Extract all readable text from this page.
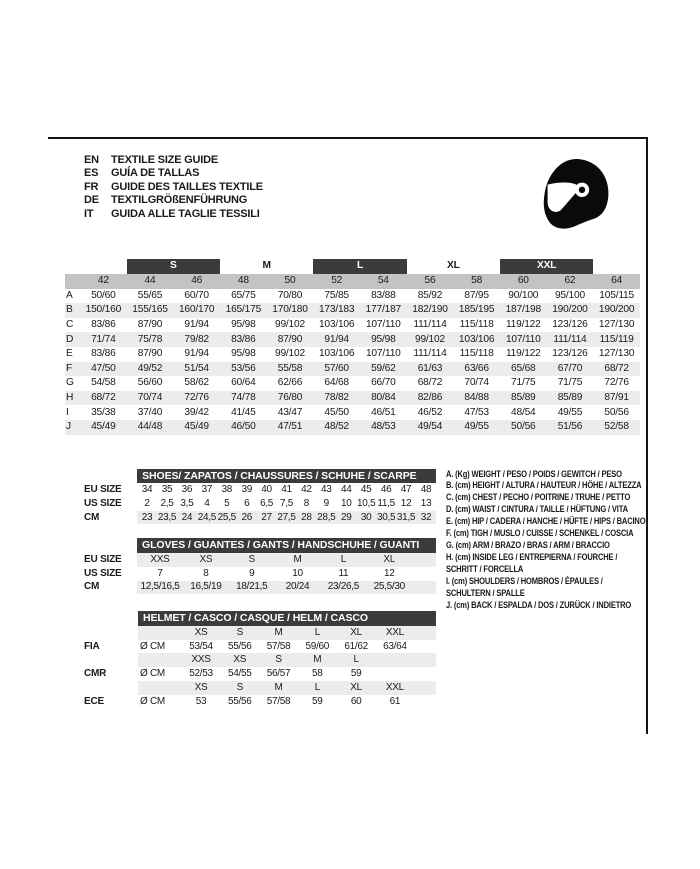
EN	TEXTILE SIZE GUIDE
ES	GUÍA DE TALLAS
FR	GUIDE DES TAILLES TEXTILE
DE	TEXTILGRÖßENFÜHRUNG
IT	GUIDA ALLE TAGLIE TESSILI
		S		M		L		XL		XXL		
	42	44	46	48	50	52	54	56	58	60	62	64
A	50/60	55/65	60/70	65/75	70/80	75/85	83/88	85/92	87/95	90/100	95/100	105/115
B	150/160	155/165	160/170	165/175	170/180	173/183	177/187	182/190	185/195	187/198	190/200	190/200
C	83/86	87/90	91/94	95/98	99/102	103/106	107/110	111/114	115/118	119/122	123/126	127/130
D	71/74	75/78	79/82	83/86	87/90	91/94	95/98	99/102	103/106	107/110	111/114	115/119
E	83/86	87/90	91/94	95/98	99/102	103/106	107/110	111/114	115/118	119/122	123/126	127/130
F	47/50	49/52	51/54	53/56	55/58	57/60	59/62	61/63	63/66	65/68	67/70	68/72
G	54/58	56/60	58/62	60/64	62/66	64/68	66/70	68/72	70/74	71/75	71/75	72/76
H	68/72	70/74	72/76	74/78	76/80	78/82	80/84	82/86	84/88	85/89	85/89	87/91
I	35/38	37/40	39/42	41/45	43/47	45/50	46/51	46/52	47/53	48/54	49/55	50/56
J	45/49	44/48	45/49	46/50	47/51	48/52	48/53	49/54	49/55	50/56	51/56	52/58
	SHOES/ ZAPATOS / CHAUSSURES / SCHUHE / SCARPE														
EU SIZE	34	35	36	37	38	39	40	41	42	43	44	45	46	47	48
US SIZE	2	2,5	3,5	4	5	6	6,5	7,5	8	9	10	10,5	11,5	12	13
CM	23	23,5	24	24,5	25,5	26	27	27,5	28	28,5	29	30	30,5	31,5	32
	GLOVES / GUANTES / GANTS / HANDSCHUHE / GUANTI						
EU SIZE	XXS	XS	S	M	L	XL	
US SIZE	7	8	9	10	11	12	
CM	12,5/16,5	16,5/19	18/21,5	20/24	23/26,5	25,5/30	
	HELMET / CASCO / CASQUE / HELM / CASCO							
		XS	S	M	L	XL	XXL	
FIA	Ø CM	53/54	55/56	57/58	59/60	61/62	63/64	
		XXS	XS	S	M	L		
CMR	Ø CM	52/53	54/55	56/57	58	59		
		XS	S	M	L	XL	XXL	
ECE	Ø CM	53	55/56	57/58	59	60	61	
A. (Kg) WEIGHT / PESO / POIDS / GEWITCH / PESO
B. (cm) HEIGHT / ALTURA / HAUTEUR / HÖHE / ALTEZZA
C. (cm) CHEST / PECHO / POITRINE / TRUHE / PETTO
D. (cm) WAIST / CINTURA / TAILLE / HÜFTUNG / VITA
E. (cm) HIP / CADERA / HANCHE / HÜFTE / HIPS / BACINO
F. (cm) TIGH / MUSLO / CUISSE / SCHENKEL / COSCIA
G. (cm) ARM / BRAZO / BRAS / ARM / BRACCIO
H. (cm) INSIDE LEG / ENTREPIERNA / FOURCHE /
SCHRITT / FORCELLA
I. (cm) SHOULDERS / HOMBROS / ÉPAULES /
SCHULTERN / SPALLE
J. (cm) BACK / ESPALDA / DOS / ZURÜCK / INDIETRO
